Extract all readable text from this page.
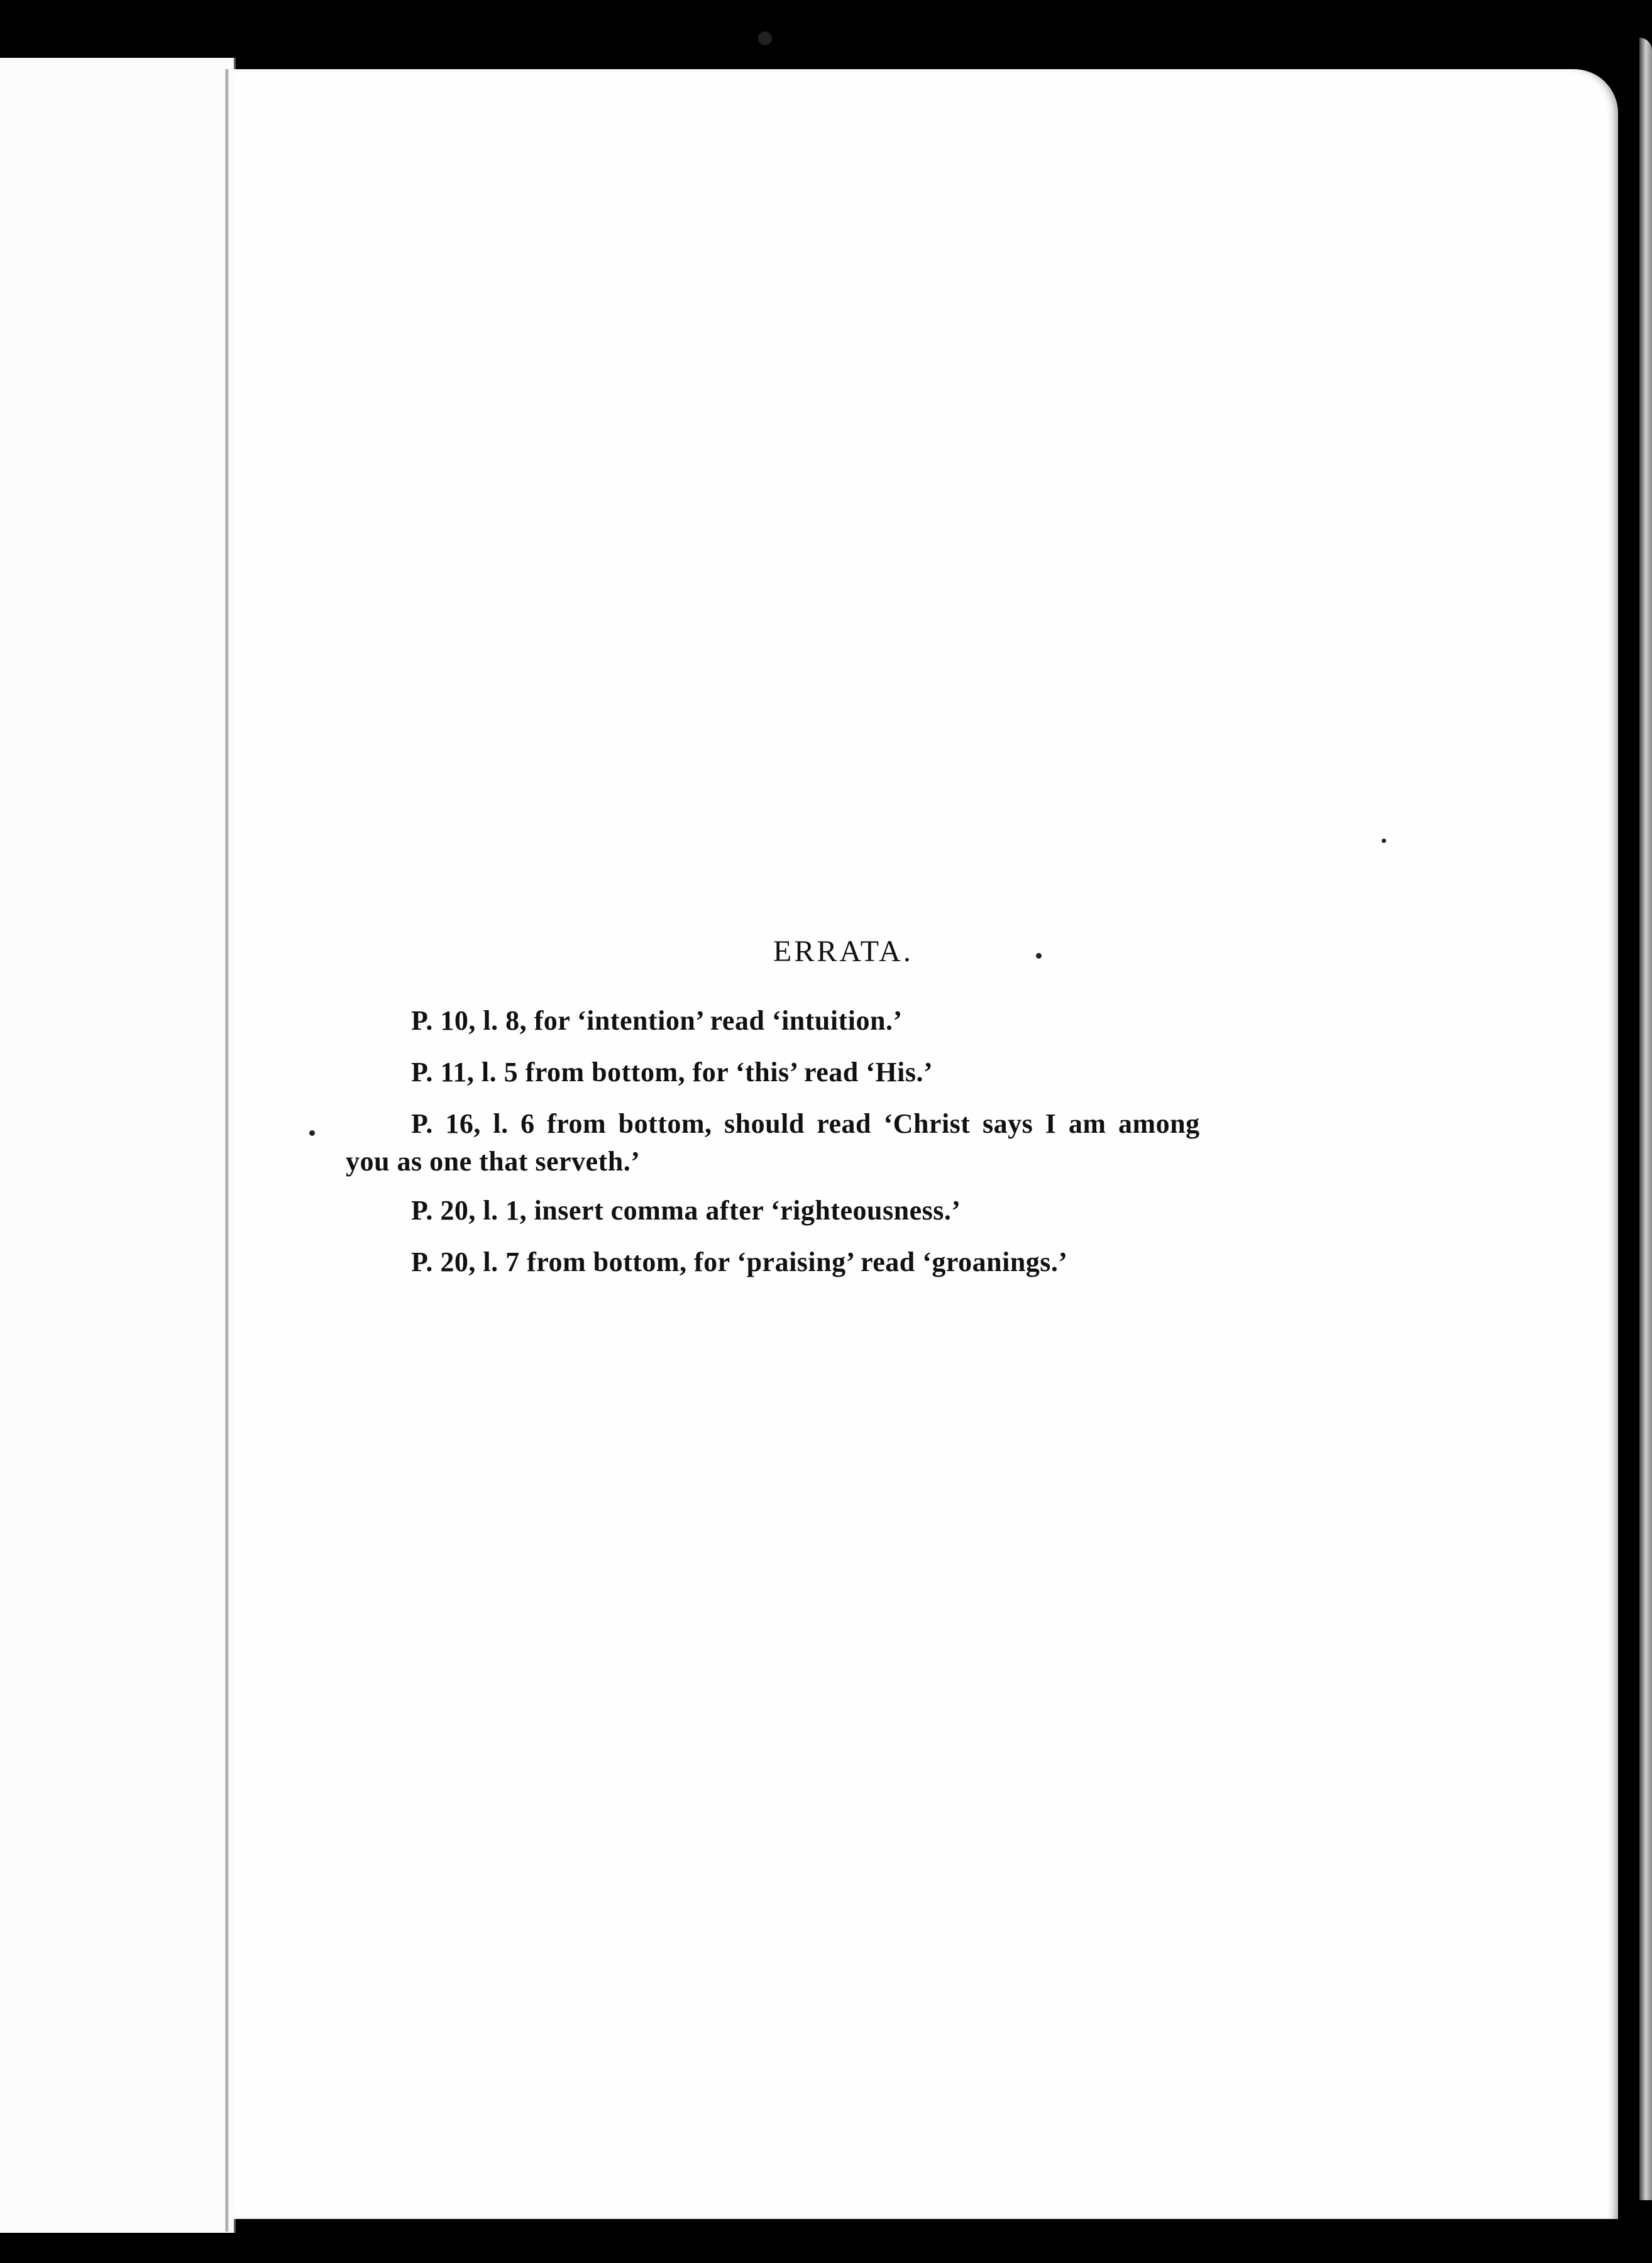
ERRATA.
P. 10, l. 8, for ‘intention’ read ‘intuition.’
P. 11, l. 5 from bottom, for ‘this’ read ‘His.’
P. 16, l. 6 from bottom, should read ‘Christ says I am among
you as one that serveth.’
P. 20, l. 1, insert comma after ‘righteousness.’
P. 20, l. 7 from bottom, for ‘praising’ read ‘groanings.’
